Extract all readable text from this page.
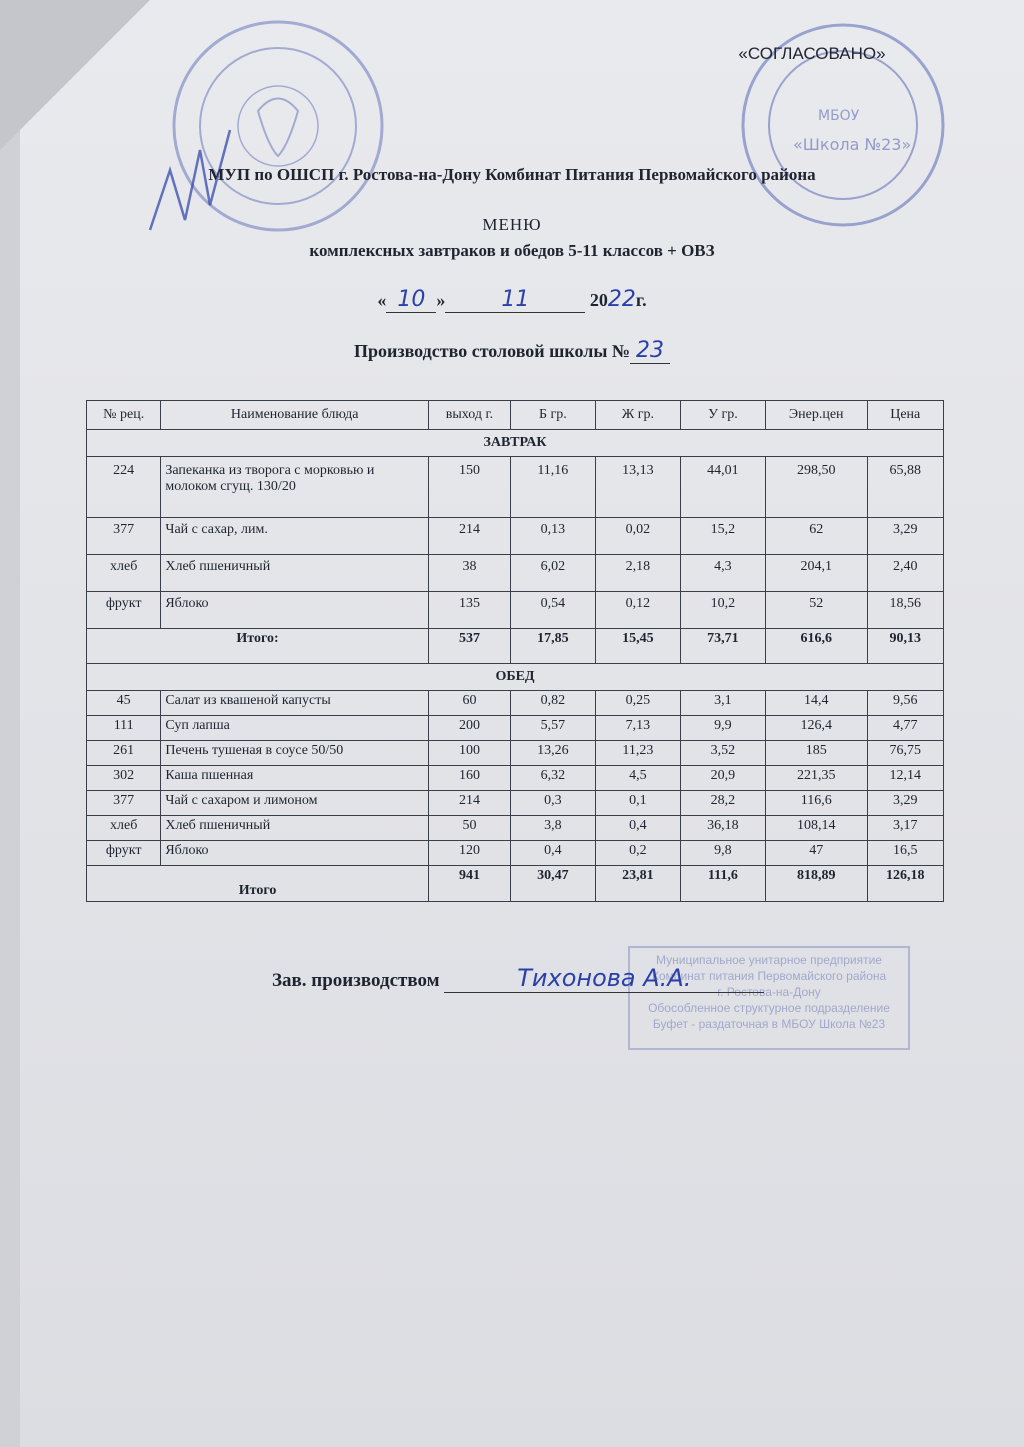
МБОУ
«Школа №23»
«СОГЛАСОВАНО»
МУП по ОШСП г. Ростова-на-Дону Комбинат Питания Первомайского района
МЕНЮ
комплексных завтраков и обедов 5-11 классов + ОВЗ
« 10 »	11	2022г.
Производство столовой школы № 23
№ рец.	Наименование блюда	выход г.	Б гр.	Ж гр.	У гр.	Энер.цен	Цена
ЗАВТРАК							
224	Запеканка из творога с морковью и молоком сгущ. 130/20	150	11,16	13,13	44,01	298,50	65,88
377	Чай с сахар, лим.	214	0,13	0,02	15,2	62	3,29
хлеб	Хлеб пшеничный	38	6,02	2,18	4,3	204,1	2,40
фрукт	Яблоко	135	0,54	0,12	10,2	52	18,56
Итого:		537	17,85	15,45	73,71	616,6	90,13
ОБЕД							
45	Салат из квашеной капусты	60	0,82	0,25	3,1	14,4	9,56
111	Суп лапша	200	5,57	7,13	9,9	126,4	4,77
261	Печень тушеная в соусе 50/50	100	13,26	11,23	3,52	185	76,75
302	Каша пшенная	160	6,32	4,5	20,9	221,35	12,14
377	Чай с сахаром и лимоном	214	0,3	0,1	28,2	116,6	3,29
хлеб	Хлеб пшеничный	50	3,8	0,4	36,18	108,14	3,17
фрукт	Яблоко	120	0,4	0,2	9,8	47	16,5
Итого		941	30,47	23,81	111,6	818,89	126,18
Муниципальное унитарное предприятие
Комбинат питания Первомайского района
г. Ростова-на-Дону
Обособленное структурное подразделение
Буфет - раздаточная в МБОУ Школа №23
Зав. производством	Тихонова А.А.
